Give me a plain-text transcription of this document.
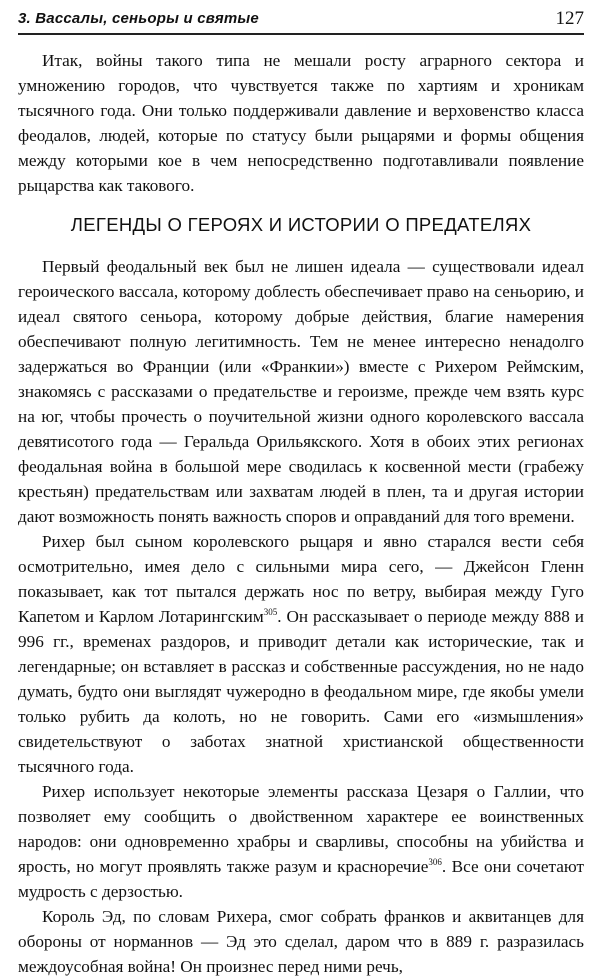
3. Вассалы, сеньоры и святые	127

Итак, войны такого типа не мешали росту аграрного сектора и умножению городов, что чувствуется также по хартиям и хроникам тысячного года. Они только поддерживали давление и верховенство класса феодалов, людей, которые по статусу были рыцарями и формы общения между которыми кое в чем непосредственно подготавливали появление рыцарства как такового.

ЛЕГЕНДЫ О ГЕРОЯХ И ИСТОРИИ О ПРЕДАТЕЛЯХ

Первый феодальный век был не лишен идеала — существовали идеал героического вассала, которому доблесть обеспечивает право на сеньорию, и идеал святого сеньора, которому добрые действия, благие намерения обеспечивают полную легитимность. Тем не менее интересно ненадолго задержаться во Франции (или «Франкии») вместе с Рихером Реймским, знакомясь с рассказами о предательстве и героизме, прежде чем взять курс на юг, чтобы прочесть о поучительной жизни одного королевского вассала девятисотого года — Геральда Орильякского. Хотя в обоих этих регионах феодальная война в большой мере сводилась к косвенной мести (грабежу крестьян) предательствам или захватам людей в плен, та и другая истории дают возможность понять важность споров и оправданий для того времени.

Рихер был сыном королевского рыцаря и явно старался вести себя осмотрительно, имея дело с сильными мира сего, — Джейсон Гленн показывает, как тот пытался держать нос по ветру, выбирая между Гуго Капетом и Карлом Лотарингским$^{305}$. Он рассказывает о периоде между 888 и 996 гг., временах раздоров, и приводит детали как исторические, так и легендарные; он вставляет в рассказ и собственные рассуждения, но не надо думать, будто они выглядят чужеродно в феодальном мире, где якобы умели только рубить да колоть, но не говорить. Сами его «измышления» свидетельствуют о заботах знатной христианской общественности тысячного года.

Рихер использует некоторые элементы рассказа Цезаря о Галлии, что позволяет ему сообщить о двойственном характере ее воинственных народов: они одновременно храбры и сварливы, способны на убийства и ярость, но могут проявлять также разум и красноречие$^{306}$. Все они сочетают мудрость с дерзостью.

Король Эд, по словам Рихера, смог собрать франков и аквитанцев для обороны от норманнов — Эд это сделал, даром что в 889 г. разразилась междоусобная война! Он произнес перед ними речь,
